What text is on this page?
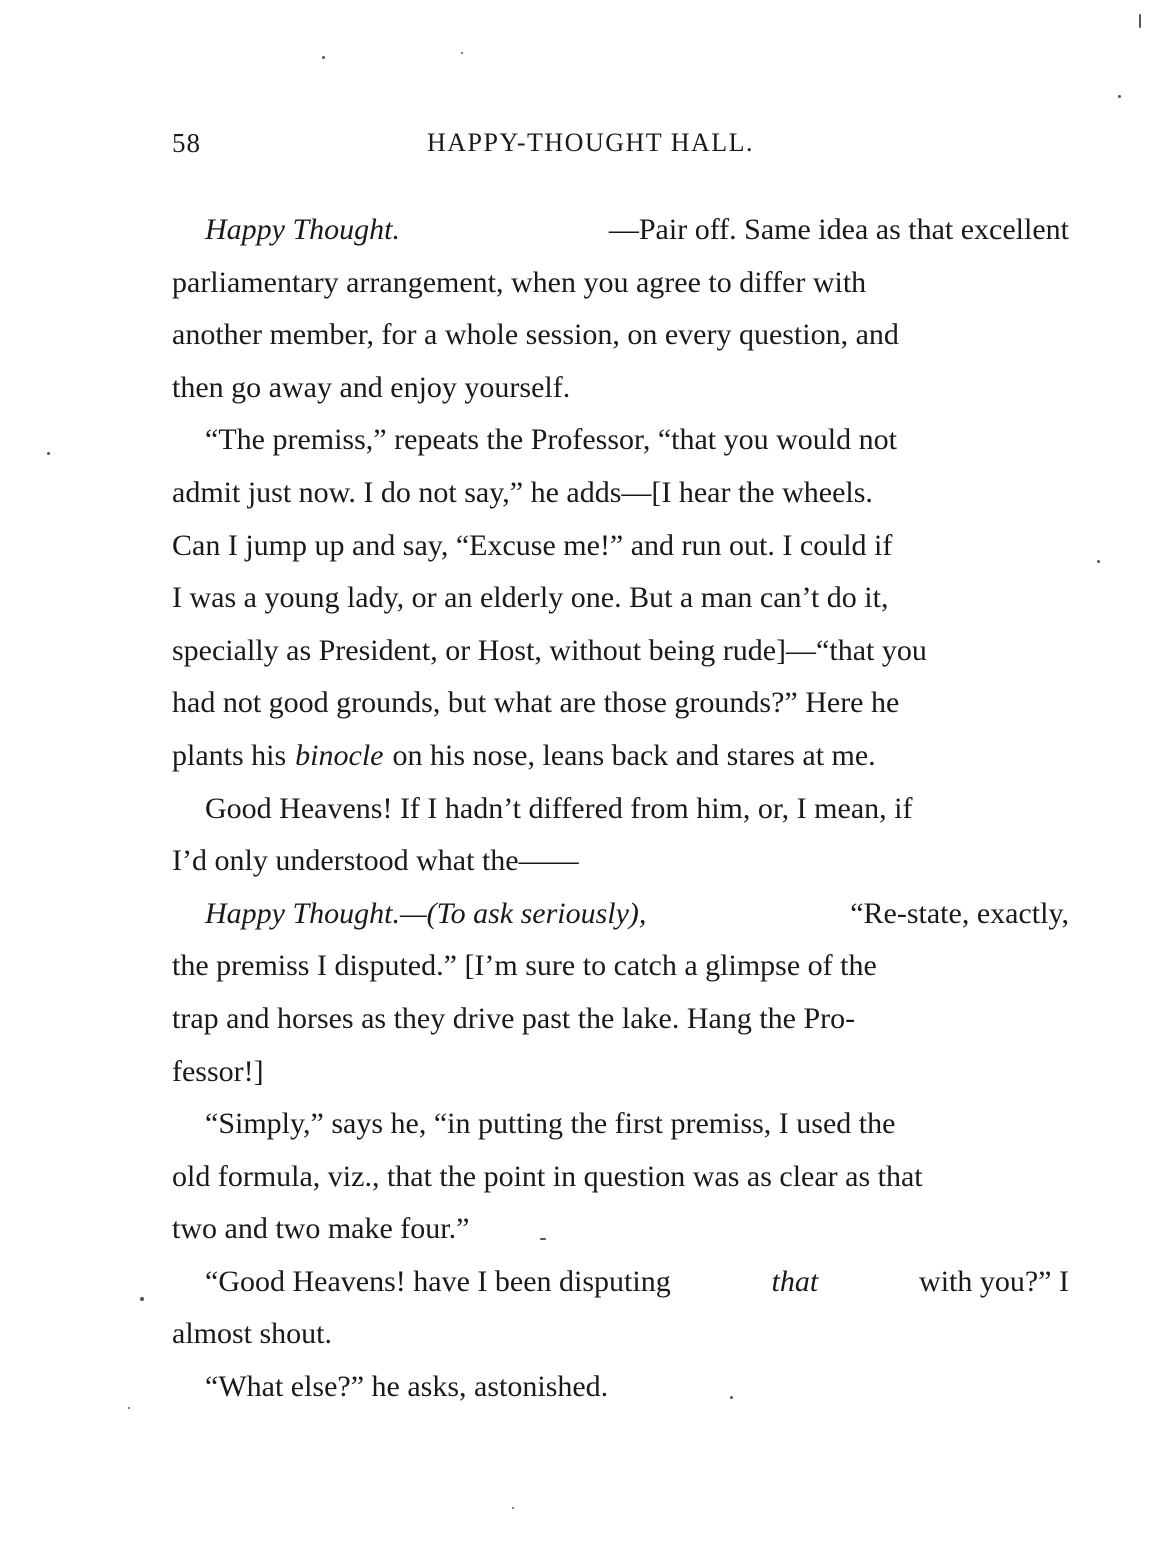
58	HAPPY-THOUGHT HALL.
Happy Thought.	—Pair off. Same idea as that excellent
parliamentary arrangement, when you agree to differ with
another member, for a whole session, on every question, and
then go away and enjoy yourself.
“The premiss,” repeats the Professor, “that you would not
admit just now. I do not say,” he adds—[I hear the wheels.
Can I jump up and say, “Excuse me!” and run out. I could if
I was a young lady, or an elderly one. But a man can’t do it,
specially as President, or Host, without being rude]—“that you
had not good grounds, but what are those grounds?” Here he
plants his binocle on his nose, leans back and stares at me.
Good Heavens! If I hadn’t differed from him, or, I mean, if
I’d only understood what the——
Happy Thought.—(To ask seriously),	“Re-state, exactly,
the premiss I disputed.” [I’m sure to catch a glimpse of the
trap and horses as they drive past the lake. Hang the Pro-
fessor!]
“Simply,” says he, “in putting the first premiss, I used the
old formula, viz., that the point in question was as clear as that
two and two make four.”
“Good Heavens! have I been disputing	that	with you?” I
almost shout.
“What else?” he asks, astonished.
